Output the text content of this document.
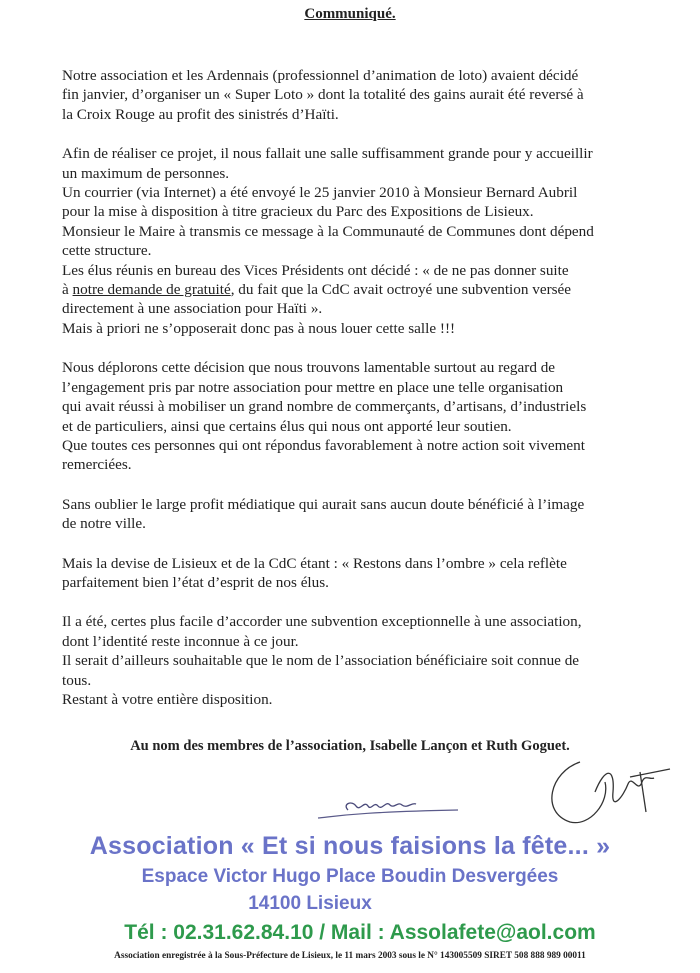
Communiqué.

Notre association et les Ardennais (professionnel d’animation de loto) avaient décidé
fin janvier, d’organiser un « Super Loto » dont la totalité des gains aurait été reversé à
la Croix Rouge au profit des sinistrés d’Haïti.

Afin de réaliser ce projet, il nous fallait une salle suffisamment grande pour y accueillir
un maximum de personnes.
Un courrier (via Internet) a été envoyé le 25 janvier 2010 à Monsieur Bernard Aubril
pour la mise à disposition à titre gracieux du Parc des Expositions de Lisieux.
Monsieur le Maire à transmis ce message à la Communauté de Communes dont dépend
cette structure.
Les élus réunis en bureau des Vices Présidents ont décidé : « de ne pas donner suite
à notre demande de gratuité, du fait que la CdC avait octroyé une subvention versée

directement à une association pour Haïti ».
Mais à priori ne s’opposerait donc pas à nous louer cette salle !!!

Nous déplorons cette décision que nous trouvons lamentable surtout au regard de
l’engagement pris par notre association pour mettre en place une telle organisation
qui avait réussi à mobiliser un grand nombre de commerçants, d’artisans, d’industriels
et de particuliers, ainsi que certains élus qui nous ont apporté leur soutien.
Que toutes ces personnes qui ont répondus favorablement à notre action soit vivement
remerciées.

Sans oublier le large profit médiatique qui aurait sans aucun doute bénéficié à l’image
de notre ville.

Mais la devise de Lisieux et de la CdC étant : « Restons dans l’ombre » cela reflète
parfaitement bien l’état d’esprit de nos élus.

Il a été, certes plus facile d’accorder une subvention exceptionnelle à une association,
dont l’identité reste inconnue à ce jour.
Il serait d’ailleurs souhaitable que le nom de l’association bénéficiaire soit connue de
tous.
Restant à votre entière disposition.

Au nom des membres de l’association, Isabelle Lançon et Ruth Goguet.
Association « Et si nous faisions la fête... »
Espace Victor Hugo Place Boudin Desvergées
14100 Lisieux
Tél : 02.31.62.84.10 / Mail : Assolafete@aol.com
Association enregistrée à la Sous-Préfecture de Lisieux, le 11 mars 2003 sous le N° 143005509 SIRET 508 888 989 00011
